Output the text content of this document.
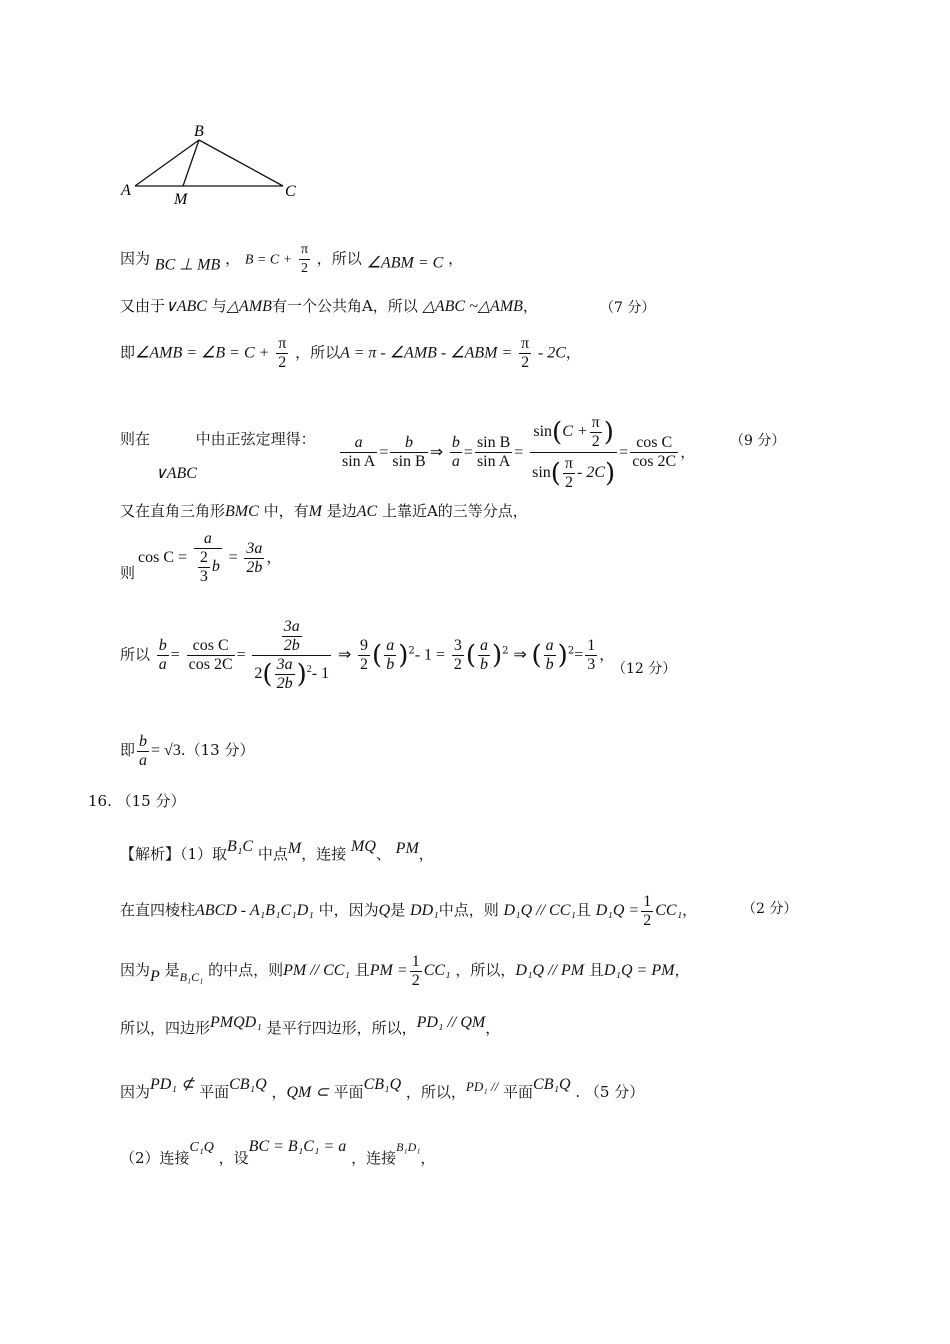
B
A
M	C
因为 BC ⊥ MB ， $B = C + \frac{\pi}{2}$ ，所以 ∠ABM = C ，
又由于∨ABC 与△AMB有一个公共角A，所以 △ABC ~△AMB，	（7 分）
即∠AMB = ∠B = $C + \frac{\pi}{2}$ ，所以A = π - ∠AMB - ∠ABM = $\frac{\pi}{2} - 2C$，
则在	中由正弦定理得：
∨ABC
$\frac{a}{\text{sin A}} = \frac{b}{\text{sin B}}$ ⇒ $\frac{b}{a} = \frac{\text{sin B}}{\text{sin A}} = \frac{\sin(C + \frac{\pi}{2} )}{\sin( \frac{\pi}{2} - 2C)} = \frac{\text{cos C}}{\cos 2C}$ ，
（9 分）
又在直角三角形BMC 中，有M 是边AC 上靠近A的三等分点，
则
$\cos C = \frac{a}{\frac{2}{3} b} = \frac{3a}{2b}$ ，
所以 $\frac{b}{a} = \frac{\text{cos C}}{\cos 2C} = \frac{\frac{3a}{2b}}{2( \frac{3a}{2b} )^2- 1}$ ⇒ $\frac{9}{2}$ ( $\frac{a}{b} )^2-$ $1 = \frac{3}{2}$ ( $\frac{a}{b} )^2$ ⇒ ( $\frac{a}{b} )^2= \frac{1}{3}$ ，
（12 分）
即 $\frac{b}{a} = √3.(13$ 分）
16. （15 分）
【解析】（1）取B₁C 中点M，连接 MQ、 PM，
在直四棱柱ABCD - A₁B₁C₁D₁ 中，因为Q是 DD₁中点，则 D₁Q // CC₁且 $D_1Q = \frac{1}{2} CC_1$，	（2 分）
因为P 是$_{B_1C_1}$ 的中点，则PM // CC₁ 且PM = $\frac{1}{2} CC_1$ ，所以，D₁Q // PM 且D₁Q = PM，
所以，四边形PMQD₁ 是平行四边形，所以，PD₁ // QM，
因为PD₁ ⊄ 平面CB₁Q ，QM ⊂ 平面CB₁Q ，所以，PD₁ // 平面CB₁Q . （5 分）
（2）连接C₁Q ，设BC = B₁C₁ = a ，连接$^{B_1D_1}$，
